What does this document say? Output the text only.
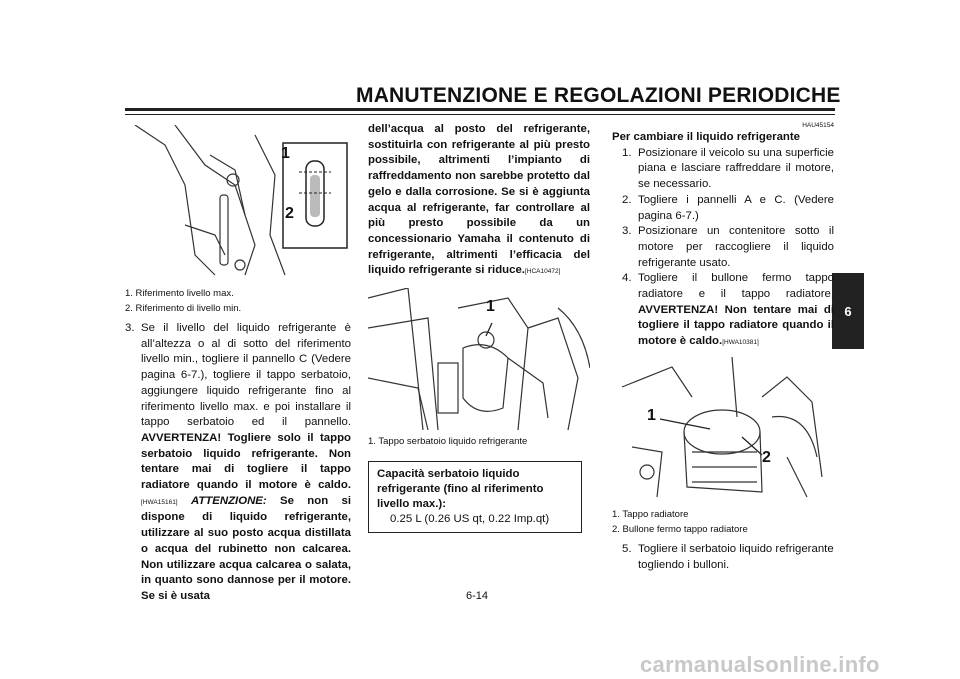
MANUTENZIONE E REGOLAZIONI PERIODICHE
6
1
2
1. Riferimento livello max.
2. Riferimento di livello min.
3. Se il livello del liquido refrigerante è all’altezza o al di sotto del riferimento livello min., togliere il pannello C (Vedere pagina 6-7.), togliere il tappo serbatoio, aggiungere liquido refrigerante fino al riferimento livello max. e poi installare il tappo serbatoio ed il pannello. AVVERTENZA! Togliere solo il tappo serbatoio liquido refrigerante. Non tentare mai di togliere il tappo radiatore quando il motore è caldo.[HWA15161] ATTENZIONE: Se non si dispone di liquido refrigerante, utilizzare al suo posto acqua distillata o acqua del rubinetto non calcarea. Non utilizzare acqua calcarea o salata, in quanto sono dannose per il motore. Se si è usata
dell’acqua al posto del refrigerante, sostituirla con refrigerante al più presto possibile, altrimenti l’impianto di raffreddamento non sarebbe protetto dal gelo e dalla corrosione. Se si è aggiunta acqua al refrigerante, far controllare al più presto possibile da un concessionario Yamaha il contenuto di refrigerante, altrimenti l’efficacia del liquido refrigerante si riduce.[HCA10472]
1
1. Tappo serbatoio liquido refrigerante
Capacità serbatoio liquido refrigerante (fino al riferimento livello max.):
0.25 L (0.26 US qt, 0.22 Imp.qt)
HAU45154
Per cambiare il liquido refrigerante
1. Posizionare il veicolo su una superficie piana e lasciare raffreddare il motore, se necessario.
2. Togliere i pannelli A e C. (Vedere pagina 6-7.)
3. Posizionare un contenitore sotto il motore per raccogliere il liquido refrigerante usato.
4. Togliere il bullone fermo tappo radiatore e il tappo radiatore. AVVERTENZA! Non tentare mai di togliere il tappo radiatore quando il motore è caldo.[HWA10381]
1
2
1. Tappo radiatore
2. Bullone fermo tappo radiatore
5. Togliere il serbatoio liquido refrigerante togliendo i bulloni.
6-14
carmanualsonline.info
